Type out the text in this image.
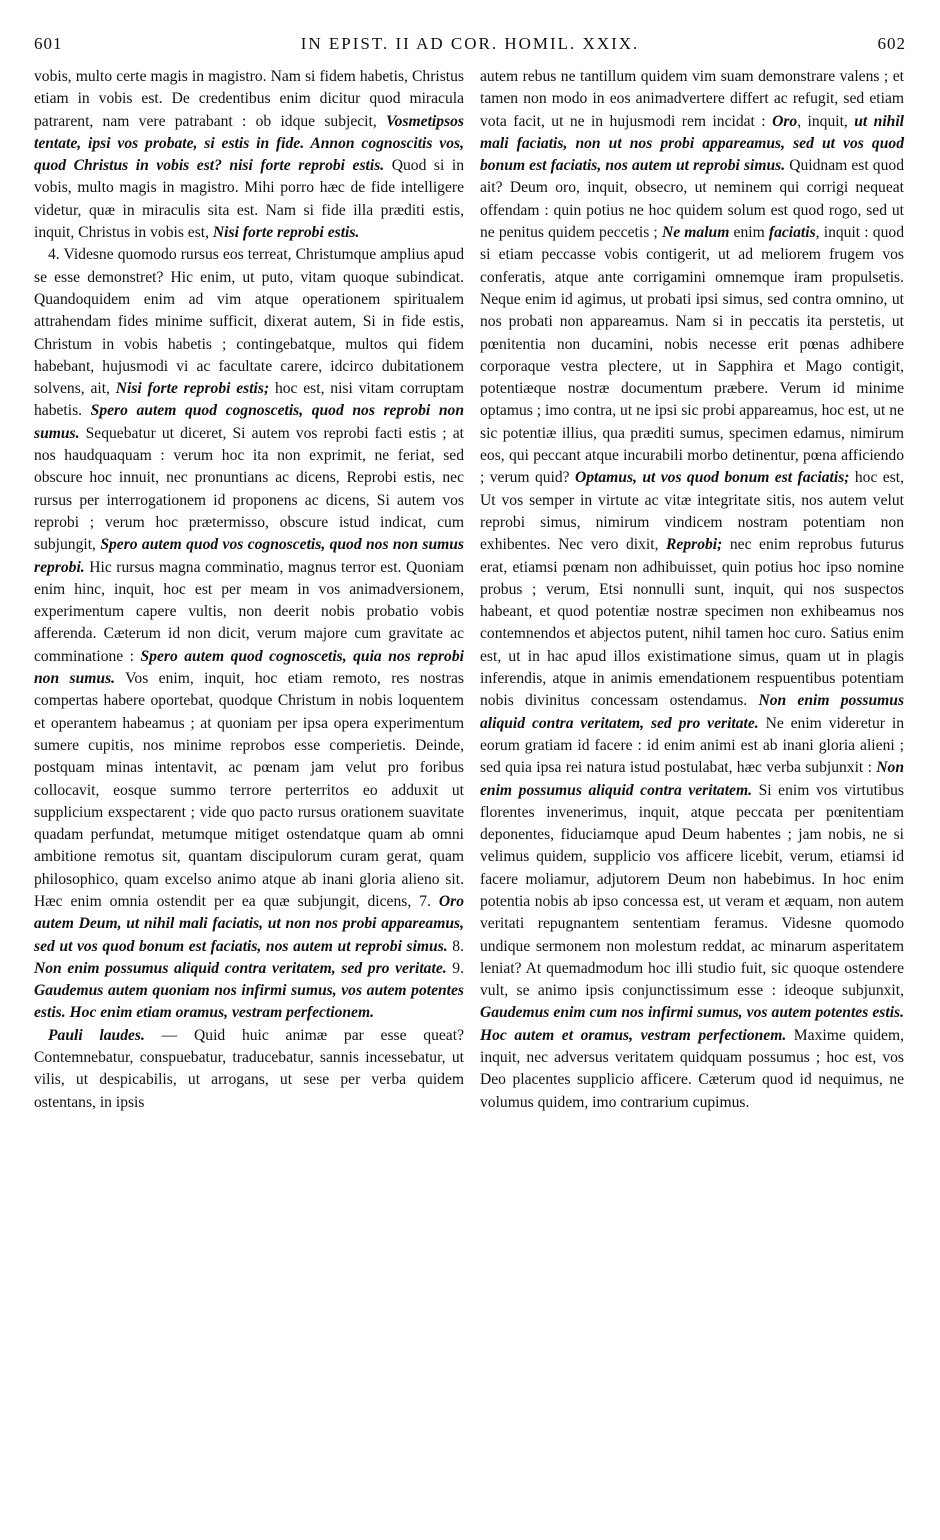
601	IN EPIST. II AD COR. HOMIL. XXIX.	602

vobis, multo certe magis in magistro. Nam si fidem habetis, Christus etiam in vobis est. De credentibus enim dicitur quod miracula patrarent, nam vere patrabant : ob idque subjecit, Vosmetipsos tentate, ipsi vos probate, si estis in fide. Annon cognoscitis vos, quod Christus in vobis est? nisi forte reprobi estis. Quod si in vobis, multo magis in magistro. Mihi porro hæc de fide intelligere videtur, quæ in miraculis sita est. Nam si fide illa præditi estis, inquit, Christus in vobis est, Nisi forte reprobi estis.

4. Videsne quomodo rursus eos terreat, Christumque amplius apud se esse demonstret? Hic enim, ut puto, vitam quoque subindicat. Quandoquidem enim ad vim atque operationem spiritualem attrahendam fides minime sufficit, dixerat autem, Si in fide estis, Christum in vobis habetis ; contingebatque, multos qui fidem habebant, hujusmodi vi ac facultate carere, idcirco dubitationem solvens, ait, Nisi forte reprobi estis; hoc est, nisi vitam corruptam habetis. Spero autem quod cognoscetis, quod nos reprobi non sumus. Sequebatur ut diceret, Si autem vos reprobi facti estis ; at nos haudquaquam : verum hoc ita non exprimit, ne feriat, sed obscure hoc innuit, nec pronuntians ac dicens, Reprobi estis, nec rursus per interrogationem id proponens ac dicens, Si autem vos reprobi ; verum hoc prætermisso, obscure istud indicat, cum subjungit, Spero autem quod vos cognoscetis, quod nos non sumus reprobi. Hic rursus magna comminatio, magnus terror est. Quoniam enim hinc, inquit, hoc est per meam in vos animadversionem, experimentum capere vultis, non deerit nobis probatio vobis afferenda. Cæterum id non dicit, verum majore cum gravitate ac comminatione : Spero autem quod cognoscetis, quia nos reprobi non sumus. Vos enim, inquit, hoc etiam remoto, res nostras compertas habere oportebat, quodque Christum in nobis loquentem et operantem habeamus ; at quoniam per ipsa opera experimentum sumere cupitis, nos minime reprobos esse comperietis. Deinde, postquam minas intentavit, ac pœnam jam velut pro foribus collocavit, eosque summo terrore perterritos eo adduxit ut supplicium exspectarent ; vide quo pacto rursus orationem suavitate quadam perfundat, metumque mitiget ostendatque quam ab omni ambitione remotus sit, quantam discipulorum curam gerat, quam philosophico, quam excelso animo atque ab inani gloria alieno sit. Hæc enim omnia ostendit per ea quæ subjungit, dicens, 7. Oro autem Deum, ut nihil mali faciatis, ut non nos probi appareamus, sed ut vos quod bonum est faciatis, nos autem ut reprobi simus. 8. Non enim possumus aliquid contra veritatem, sed pro veritate. 9. Gaudemus autem quoniam nos infirmi sumus, vos autem potentes estis. Hoc enim etiam oramus, vestram perfectionem.

Pauli laudes. — Quid huic animæ par esse queat? Contemnebatur, conspuebatur, traducebatur, sannis incessebatur, ut vilis, ut despicabilis, ut arrogans, ut sese per verba quidem ostentans, in ipsis

autem rebus ne tantillum quidem vim suam demonstrare valens ; et tamen non modo in eos animadvertere differt ac refugit, sed etiam vota facit, ut ne in hujusmodi rem incidat : Oro, inquit, ut nihil mali faciatis, non ut nos probi appareamus, sed ut vos quod bonum est faciatis, nos autem ut reprobi simus. Quidnam est quod ait? Deum oro, inquit, obsecro, ut neminem qui corrigi nequeat offendam : quin potius ne hoc quidem solum est quod rogo, sed ut ne penitus quidem peccetis ; Ne malum enim faciatis, inquit : quod si etiam peccasse vobis contigerit, ut ad meliorem frugem vos conferatis, atque ante corrigamini omnemque iram propulsetis. Neque enim id agimus, ut probati ipsi simus, sed contra omnino, ut nos probati non appareamus. Nam si in peccatis ita perstetis, ut pœnitentia non ducamini, nobis necesse erit pœnas adhibere corporaque vestra plectere, ut in Sapphira et Mago contigit, potentiæque nostræ documentum præbere. Verum id minime optamus ; imo contra, ut ne ipsi sic probi appareamus, hoc est, ut ne sic potentiæ illius, qua præditi sumus, specimen edamus, nimirum eos, qui peccant atque incurabili morbo detinentur, pœna afficiendo ; verum quid? Optamus, ut vos quod bonum est faciatis; hoc est, Ut vos semper in virtute ac vitæ integritate sitis, nos autem velut reprobi simus, nimirum vindicem nostram potentiam non exhibentes. Nec vero dixit, Reprobi; nec enim reprobus futurus erat, etiamsi pœnam non adhibuisset, quin potius hoc ipso nomine probus ; verum, Etsi nonnulli sunt, inquit, qui nos suspectos habeant, et quod potentiæ nostræ specimen non exhibeamus nos contemnendos et abjectos putent, nihil tamen hoc curo. Satius enim est, ut in hac apud illos existimatione simus, quam ut in plagis inferendis, atque in animis emendationem respuentibus potentiam nobis divinitus concessam ostendamus. Non enim possumus aliquid contra veritatem, sed pro veritate. Ne enim videretur in eorum gratiam id facere : id enim animi est ab inani gloria alieni ; sed quia ipsa rei natura istud postulabat, hæc verba subjunxit : Non enim possumus aliquid contra veritatem. Si enim vos virtutibus florentes invenerimus, inquit, atque peccata per pœnitentiam deponentes, fiduciamque apud Deum habentes ; jam nobis, ne si velimus quidem, supplicio vos afficere licebit, verum, etiamsi id facere moliamur, adjutorem Deum non habebimus. In hoc enim potentia nobis ab ipso concessa est, ut veram et æquam, non autem veritati repugnantem sententiam feramus. Videsne quomodo undique sermonem non molestum reddat, ac minarum asperitatem leniat? At quemadmodum hoc illi studio fuit, sic quoque ostendere vult, se animo ipsis conjunctissimum esse : ideoque subjunxit, Gaudemus enim cum nos infirmi sumus, vos autem potentes estis. Hoc autem et oramus, vestram perfectionem. Maxime quidem, inquit, nec adversus veritatem quidquam possumus ; hoc est, vos Deo placentes supplicio afficere. Cæterum quod id nequimus, ne volumus quidem, imo contrarium cupimus.
